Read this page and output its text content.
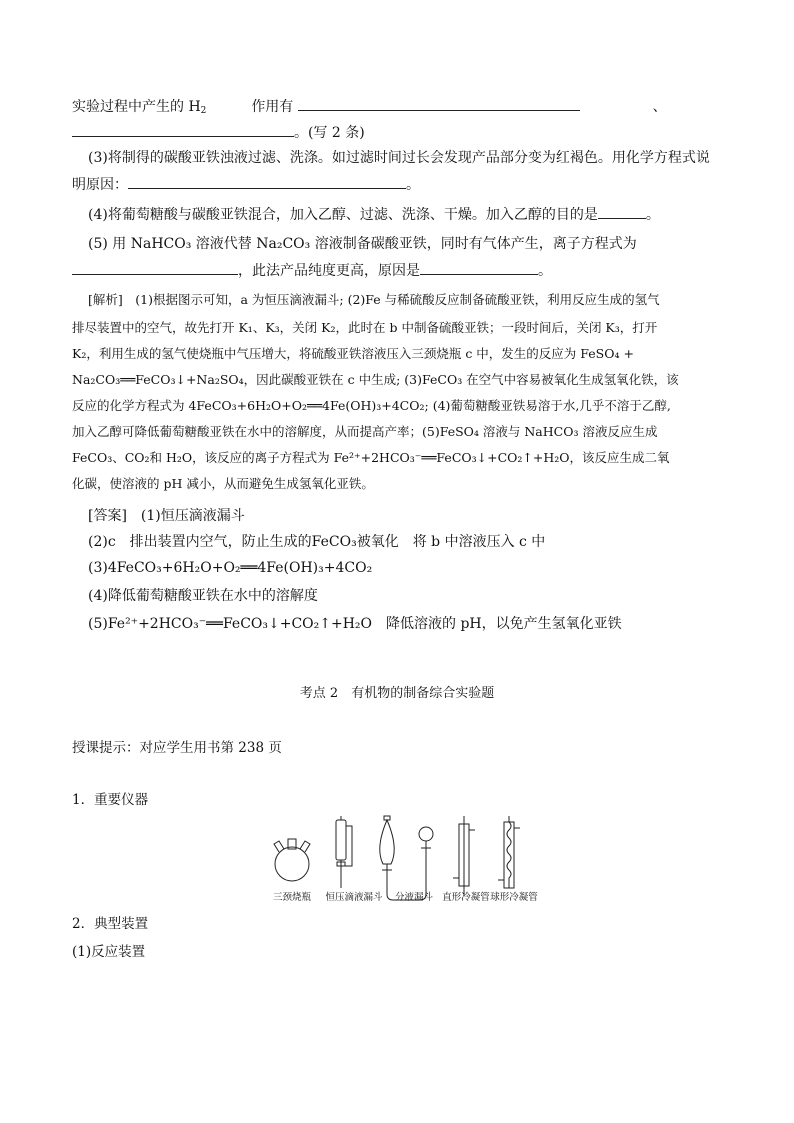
实验过程中产生的 $H_2$	作用有	、
。(写 2 条)
(3)将制得的碳酸亚铁浊液过滤、洗涤。如过滤时间过长会发现产品部分变为红褐色。用化学方程式说
明原因：	。
(4)将葡萄糖酸与碳酸亚铁混合，加入乙醇、过滤、洗涤、干燥。加入乙醇的目的是	。
(5) 用 NaHCO₃ 溶液代替 Na₂CO₃ 溶液制备碳酸亚铁，同时有气体产生，离子方程式为
，此法产品纯度更高，原因是	。
[解析]　(1)根据图示可知，a 为恒压滴液漏斗; (2)Fe 与稀硫酸反应制备硫酸亚铁，利用反应生成的氢气
排尽装置中的空气，故先打开 K₁、K₃，关闭 K₂，此时在 b 中制备硫酸亚铁；一段时间后，关闭 K₃，打开
K₂，利用生成的氢气使烧瓶中气压增大，将硫酸亚铁溶液压入三颈烧瓶 c 中，发生的反应为 FeSO₄ +
Na₂CO₃══FeCO₃↓+Na₂SO₄，因此碳酸亚铁在 c 中生成; (3)FeCO₃ 在空气中容易被氧化生成氢氧化铁，该
反应的化学方程式为 4FeCO₃+6H₂O+O₂══4Fe(OH)₃+4CO₂; (4)葡萄糖酸亚铁易溶于水,几乎不溶于乙醇,
加入乙醇可降低葡萄糖酸亚铁在水中的溶解度，从而提高产率；(5)FeSO₄ 溶液与 NaHCO₃ 溶液反应生成
FeCO₃、CO₂和 H₂O，该反应的离子方程式为 Fe²⁺+2HCO₃⁻══FeCO₃↓+CO₂↑+H₂O，该反应生成二氧
化碳，使溶液的 pH 减小，从而避免生成氢氧化亚铁。
[答案]　(1)恒压滴液漏斗
(2)c　排出装置内空气，防止生成的FeCO₃被氧化　将 b 中溶液压入 c 中
(3)4FeCO₃+6H₂O+O₂══4Fe(OH)₃+4CO₂
(4)降低葡萄糖酸亚铁在水中的溶解度
(5)Fe²⁺+2HCO₃⁻══FeCO₃↓+CO₂↑+H₂O　降低溶液的 pH，以免产生氢氧化亚铁
考点 2　有机物的制备综合实验题
授课提示：对应学生用书第 238 页
1．重要仪器
三颈烧瓶 恒压滴液漏斗 分液漏斗 直形冷凝管 球形冷凝管
2．典型装置
(1)反应装置
